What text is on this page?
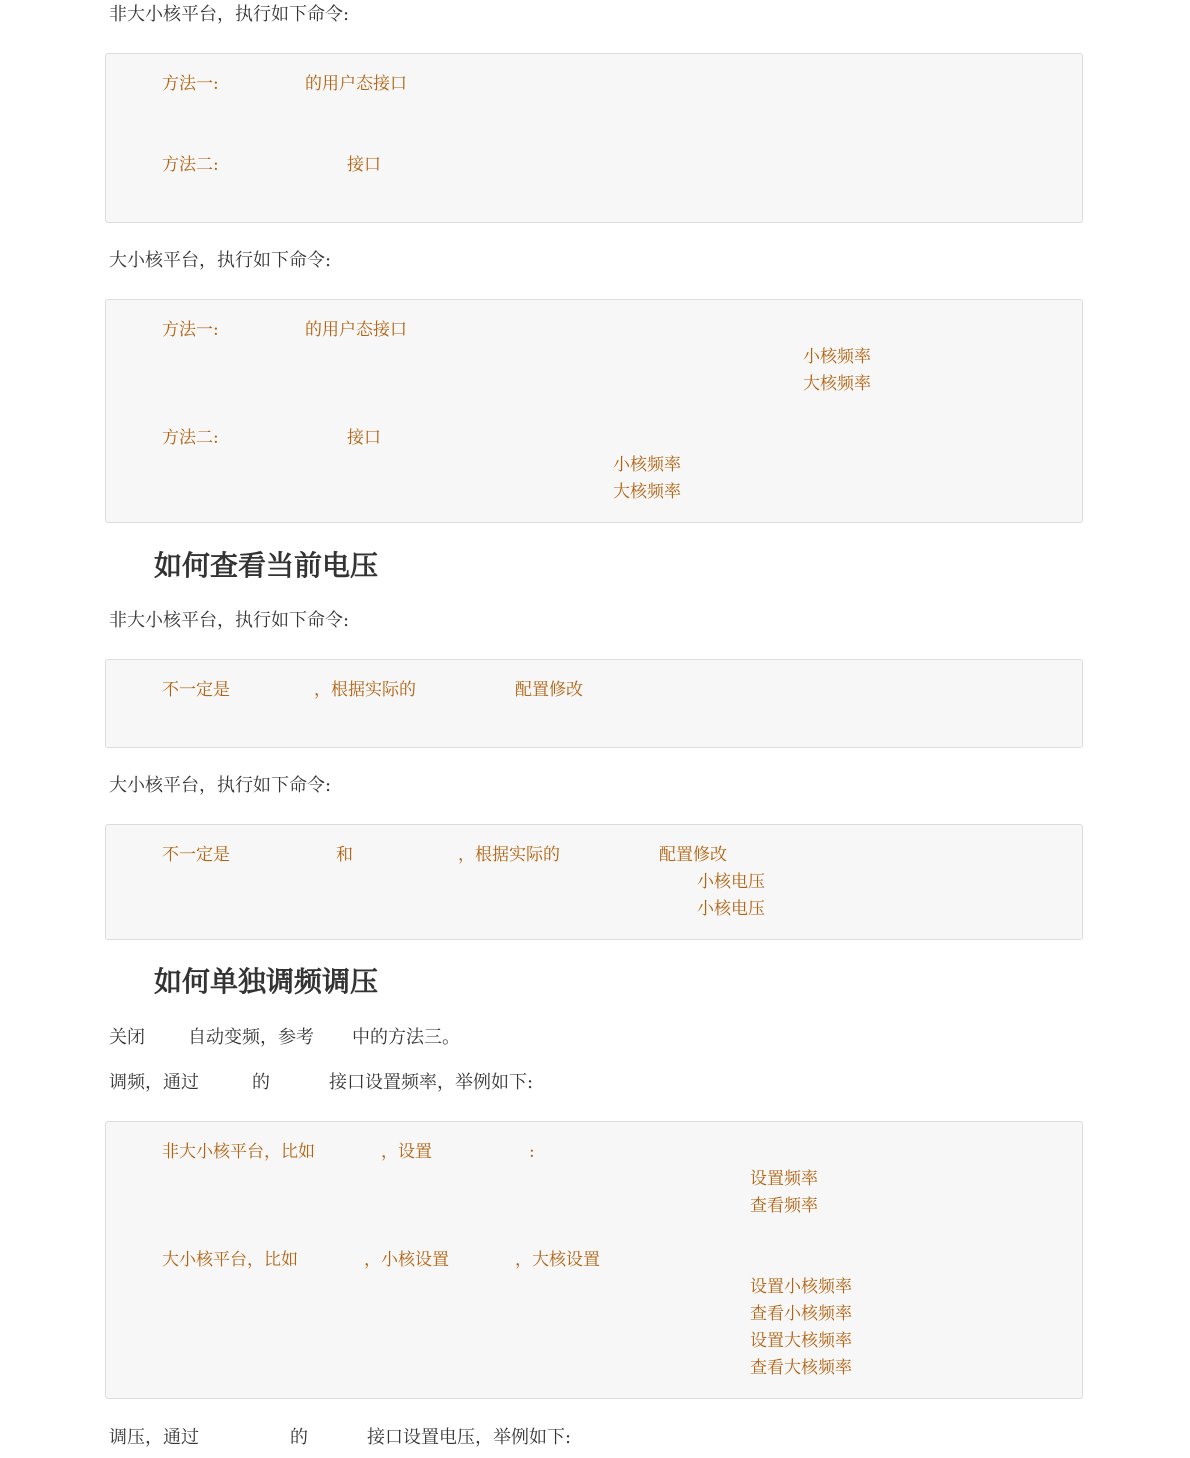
非大小核平台，执行如下命令:

方法一:	的用户态接口
方法二:	接口

大小核平台，执行如下命令:

方法一:	的用户态接口
小核频率
大核频率
方法二:	接口
小核频率
大核频率
如何查看当前电压

非大小核平台，执行如下命令:

不一定是	，根据实际的	配置修改

大小核平台，执行如下命令:

不一定是	和	，根据实际的	配置修改
小核电压
小核电压
如何单独调频调压

关闭 自动变频，参考 中的方法三。

调频，通过	的	接口设置频率，举例如下:

非大小核平台，比如	，设置	:
设置频率
查看频率
大小核平台，比如	，小核设置	，大核设置
设置小核频率
查看小核频率
设置大核频率
查看大核频率

调压，通过	的	接口设置电压，举例如下:
